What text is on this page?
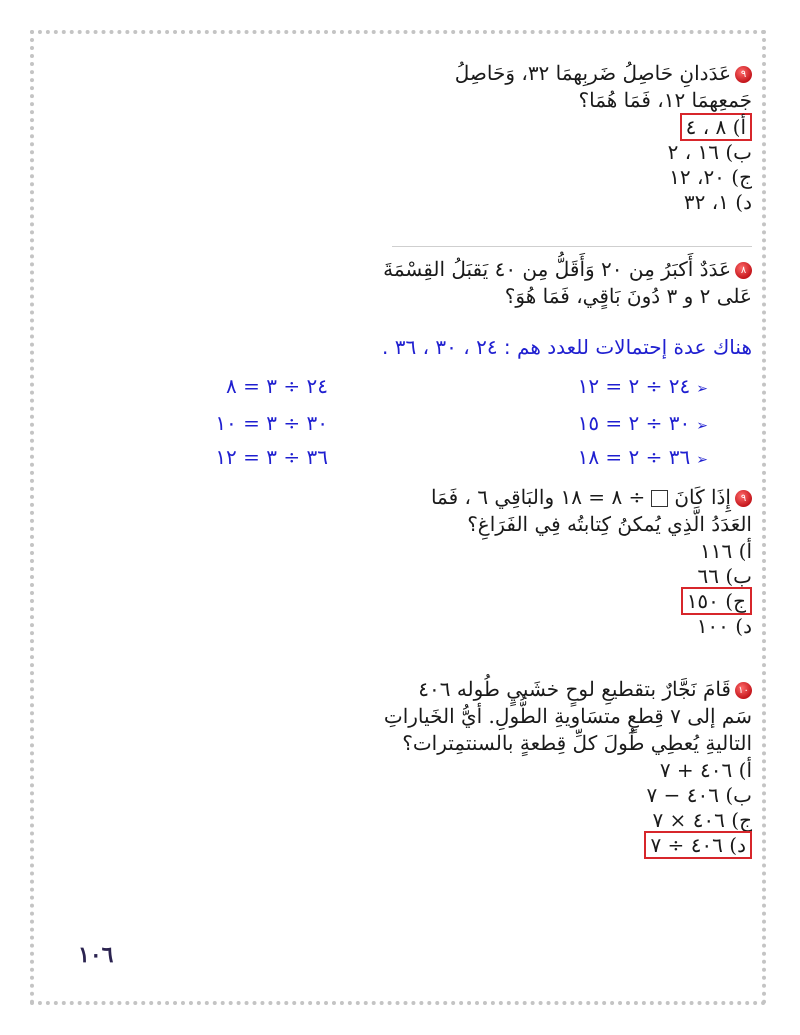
٩عَدَدانِ حَاصِلُ ضَربِهمَا ٣٢، وَحَاصِلُ
جَمعِهمَا ١٢، فَمَا هُمَا؟
أ) ٨ ، ٤
ب) ١٦ ، ٢
ج) ٢٠، ١٢
د) ١، ٣٢
٨عَدَدٌ أَكبَرُ مِن ٢٠ وَأَقَلُّ مِن ٤٠ يَقبَلُ القِسْمَةَ
عَلى ٢ و ٣ دُونَ بَاقٍي، فَمَا هُوَ؟
هناك عدة إحتمالات للعدد هم : ٢٤ ، ٣٠ ، ٣٦ .
➢٢٤ ÷ ٢ = ١٢
➢٣٠ ÷ ٢ = ١٥
➢٣٦ ÷ ٢ = ١٨
٢٤ ÷ ٣ = ٨
٣٠ ÷ ٣ = ١٠
٣٦ ÷ ٣ = ١٢
٩إِذَا كَانَ÷ ٨ = ١٨ والبَاقِي ٦ ، فَمَا
العَدَدُ الَّذِي يُمكنُ كِتابتُه فِي الفَرَاغِ؟
أ) ١١٦
ب) ٦٦
ج) ١٥٠
د) ١٠٠
١٠قَامَ نَجَّارٌ بتقطيعِ لوحٍ خشَبيٍ طُوله ٤٠٦
سَم إلى ٧ قِطعٍ متسَاويةِ الطُّولِ. أيُّ الخَياراتِ
التاليةِ يُعطِي طُولَ كلِّ قِطعةٍ بالسنتمِترات؟
أ) ٤٠٦ + ٧
ب) ٤٠٦ − ٧
ج) ٤٠٦ × ٧
د) ٤٠٦ ÷ ٧
١٠٦
